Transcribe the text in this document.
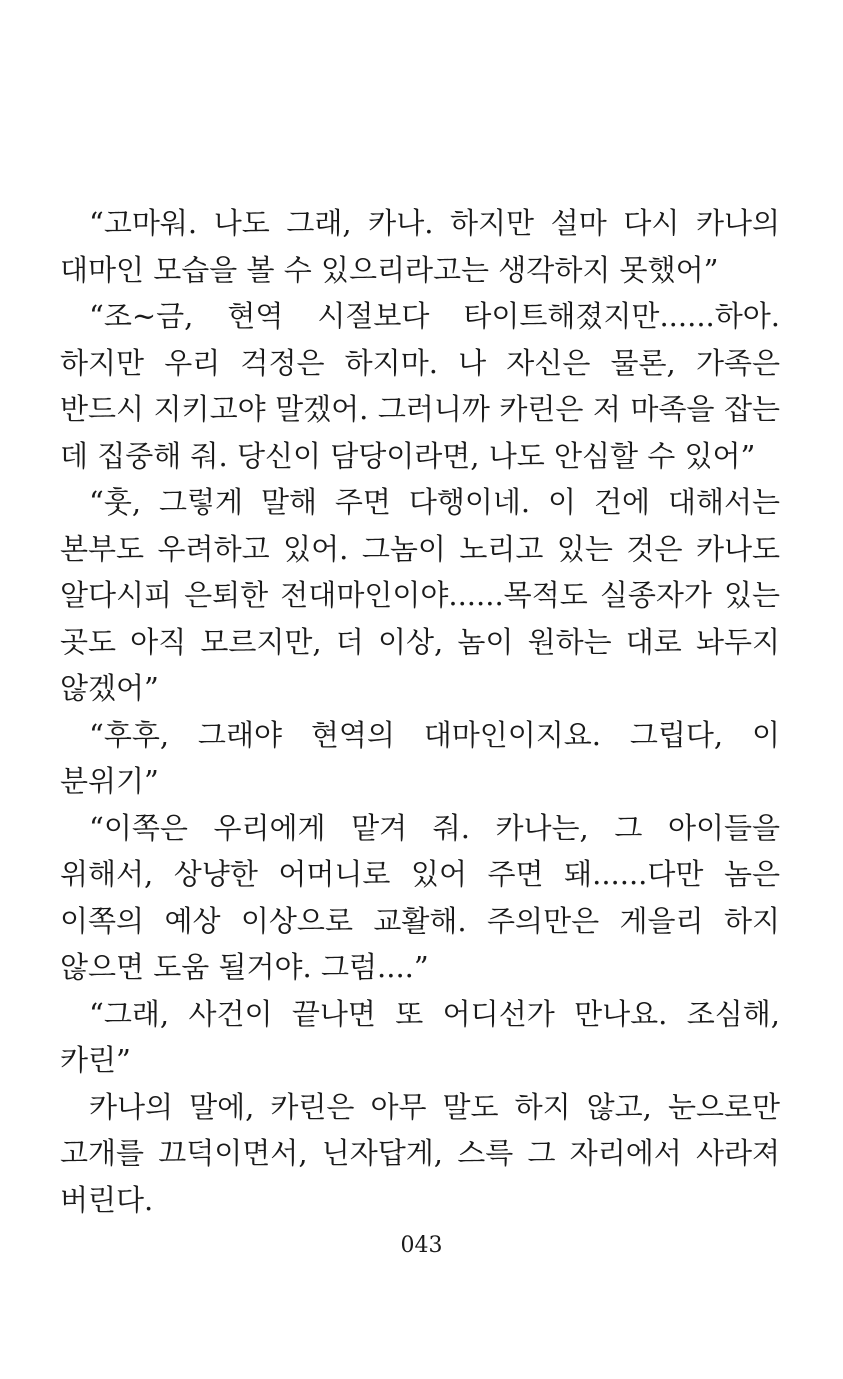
“고마워. 나도 그래, 카나. 하지만 설마 다시 카나의 대마인 모습을 볼 수 있으리라고는 생각하지 못했어”

“조~금, 현역 시절보다 타이트해졌지만......하아. 하지만 우리 걱정은 하지마. 나 자신은 물론, 가족은 반드시 지키고야 말겠어. 그러니까 카린은 저 마족을 잡는 데 집중해 줘. 당신이 담당이라면, 나도 안심할 수 있어”

“훗, 그렇게 말해 주면 다행이네. 이 건에 대해서는 본부도 우려하고 있어. 그놈이 노리고 있는 것은 카나도 알다시피 은퇴한 전대마인이야......목적도 실종자가 있는 곳도 아직 모르지만, 더 이상, 놈이 원하는 대로 놔두지 않겠어”

“후후, 그래야 현역의 대마인이지요. 그립다, 이 분위기”

“이쪽은 우리에게 맡겨 줘. 카나는, 그 아이들을 위해서, 상냥한 어머니로 있어 주면 돼......다만 놈은 이쪽의 예상 이상으로 교활해. 주의만은 게을리 하지 않으면 도움 될거야. 그럼....”

“그래, 사건이 끝나면 또 어디선가 만나요. 조심해, 카린”

카나의 말에, 카린은 아무 말도 하지 않고, 눈으로만 고개를 끄덕이면서, 닌자답게, 스륵 그 자리에서 사라져 버린다.

043
